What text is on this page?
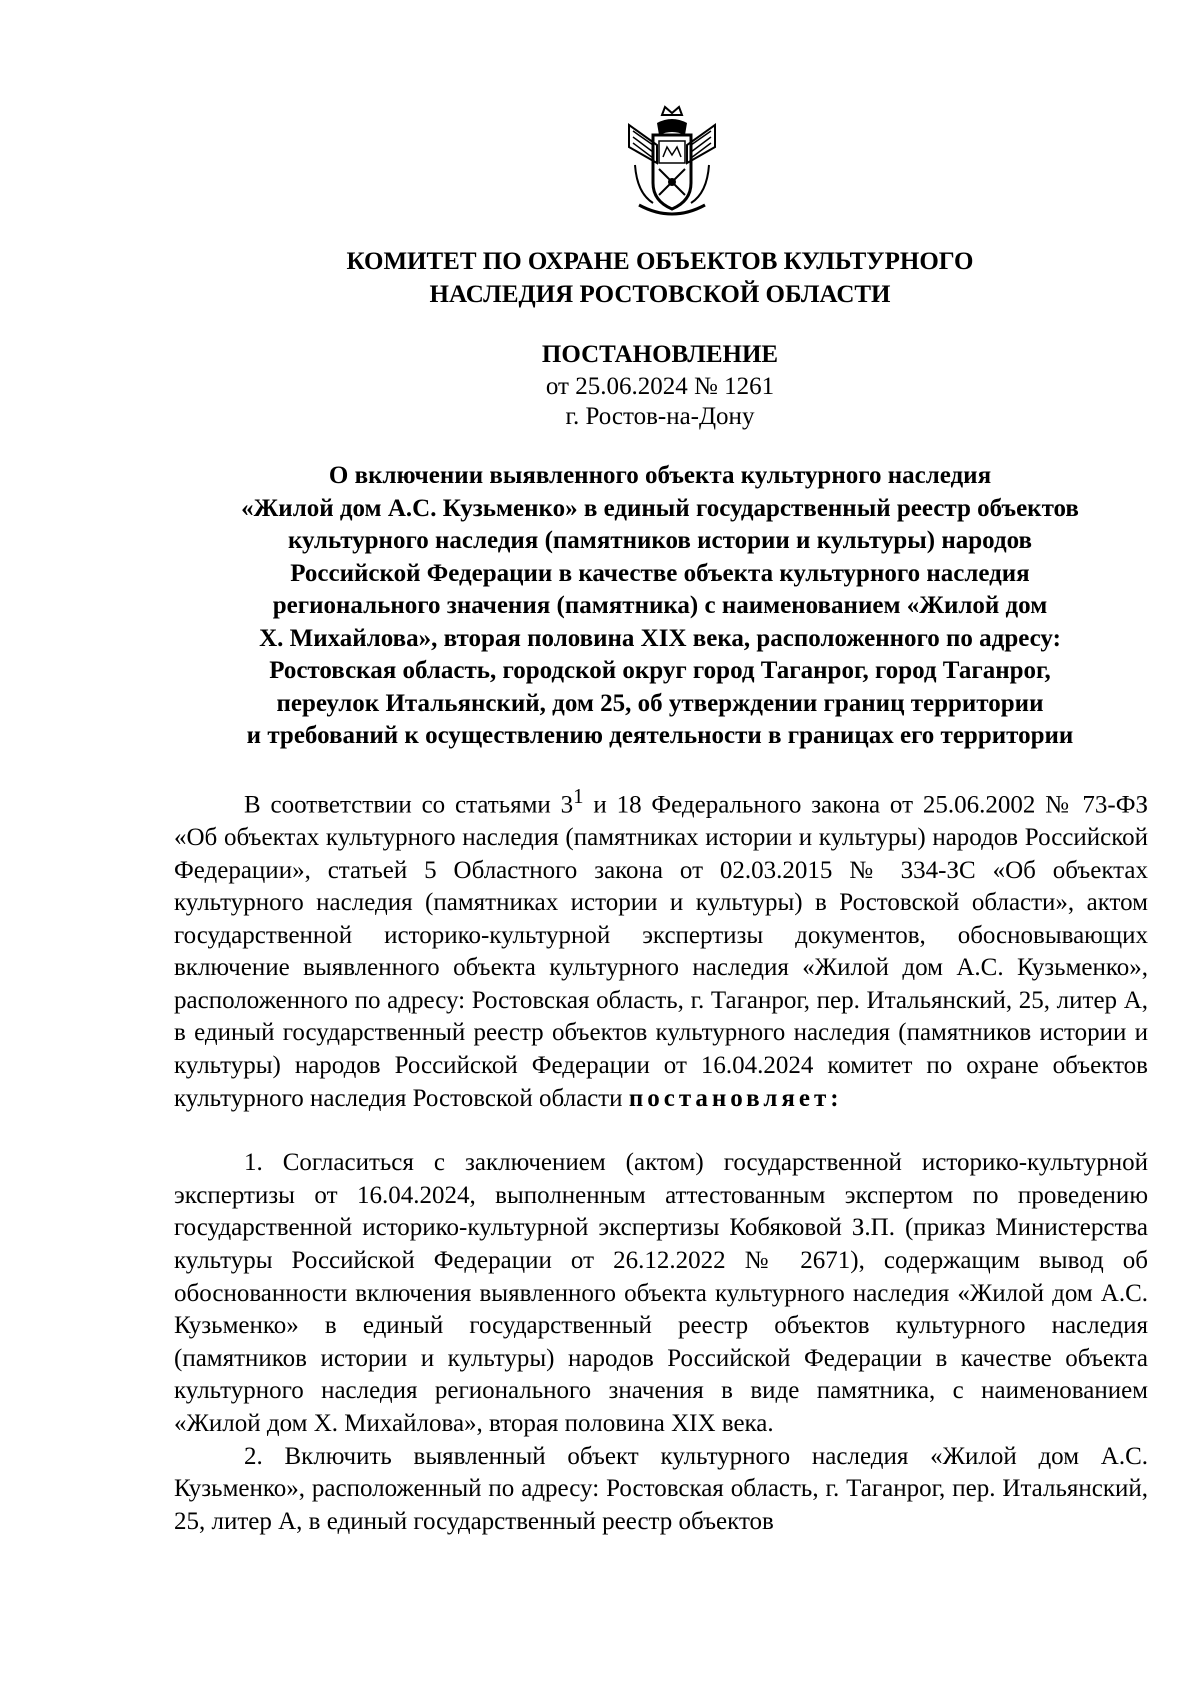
КОМИТЕТ ПО ОХРАНЕ ОБЪЕКТОВ КУЛЬТУРНОГО
НАСЛЕДИЯ РОСТОВСКОЙ ОБЛАСТИ
ПОСТАНОВЛЕНИЕ
от 25.06.2024 № 1261
г. Ростов-на-Дону
О включении выявленного объекта культурного наследия
«Жилой дом А.С. Кузьменко» в единый государственный реестр объектов
культурного наследия (памятников истории и культуры) народов
Российской Федерации в качестве объекта культурного наследия
регионального значения (памятника) с наименованием «Жилой дом
Х. Михайлова», вторая половина XIX века, расположенного по адресу:
Ростовская область, городской округ город Таганрог, город Таганрог,
переулок Итальянский, дом 25, об утверждении границ территории
и требований к осуществлению деятельности в границах его территории

В соответствии со статьями $3^1$ и 18 Федерального закона от 25.06.2002 № 73-ФЗ «Об объектах культурного наследия (памятниках истории и культуры) народов Российской Федерации», статьей 5 Областного закона от 02.03.2015 № 334-ЗС «Об объектах культурного наследия (памятниках истории и культуры) в Ростовской области», актом государственной историко-культурной экспертизы документов, обосновывающих включение выявленного объекта культурного наследия «Жилой дом А.С. Кузьменко», расположенного по адресу: Ростовская область, г. Таганрог, пер. Итальянский, 25, литер А, в единый государственный реестр объектов культурного наследия (памятников истории и культуры) народов Российской Федерации от 16.04.2024 комитет по охране объектов культурного наследия Ростовской области постановляет:

1. Согласиться с заключением (актом) государственной историко-культурной экспертизы от 16.04.2024, выполненным аттестованным экспертом по проведению государственной историко-культурной экспертизы Кобяковой З.П. (приказ Министерства культуры Российской Федерации от 26.12.2022 № 2671), содержащим вывод об обоснованности включения выявленного объекта культурного наследия «Жилой дом А.С. Кузьменко» в единый государственный реестр объектов культурного наследия (памятников истории и культуры) народов Российской Федерации в качестве объекта культурного наследия регионального значения в виде памятника, с наименованием «Жилой дом Х. Михайлова», вторая половина XIX века.

2. Включить выявленный объект культурного наследия «Жилой дом А.С. Кузьменко», расположенный по адресу: Ростовская область, г. Таганрог, пер. Итальянский, 25, литер А, в единый государственный реестр объектов
